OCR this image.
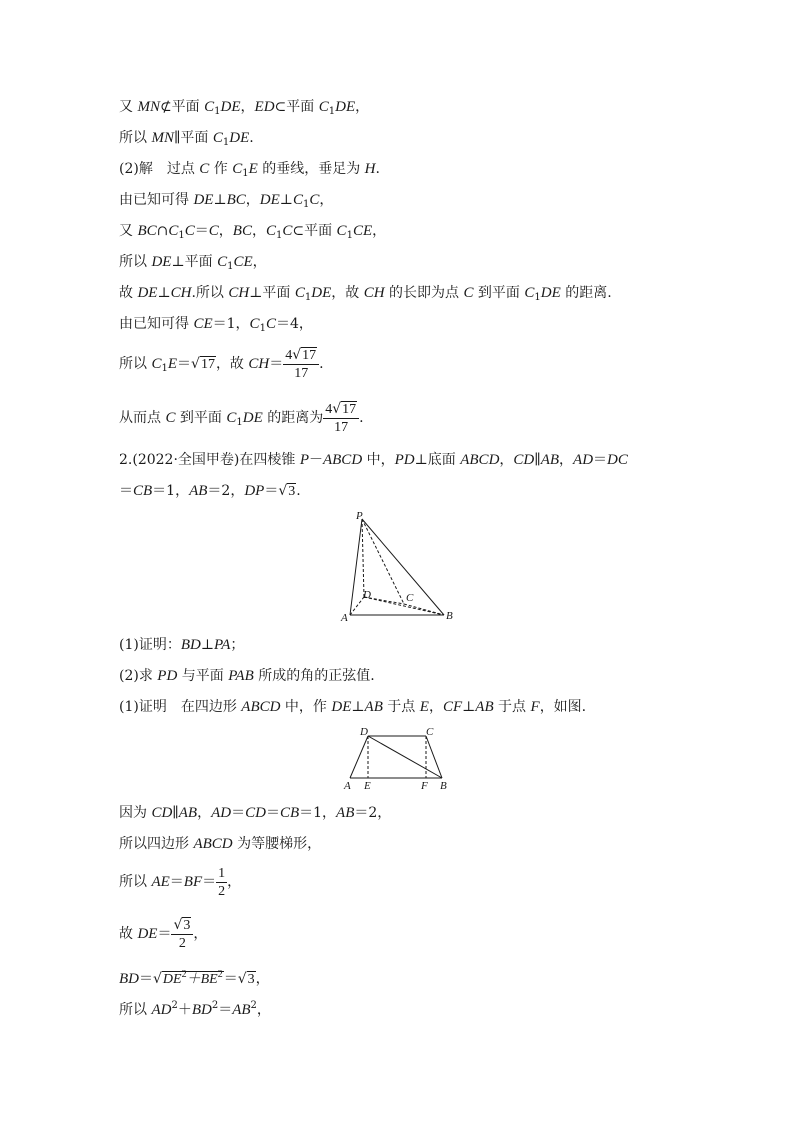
又 MN⊄平面 $C_1DE$，ED⊂平面 $C_1DE$，
所以 MN∥平面 $C_1DE$.
(2)解　过点 C 作 $C_1E$ 的垂线，垂足为 H.
由已知可得 DE⊥BC，$DE\perp C_1C$，
又 $BC\cap C_1C=C$，BC，$C_1C\subset$平面 $C_1CE$，
所以 DE⊥平面 $C_1CE$，
故 DE⊥CH.所以 CH⊥平面 $C_1DE$，故 CH 的长即为点 C 到平面 $C_1DE$ 的距离.
由已知可得 CE＝1，$C_1C=4$，
所以 $C_1E=√17$，故 $CH= \frac{4√17}{17}$ .
从而点 C 到平面 $C_1DE$ 的距离为 $\frac{4√17}{17}$ .
2.(2022·全国甲卷)在四棱锥 P－ABCD 中，PD⊥底面 ABCD，CD∥AB，AD＝DC
＝CB＝1，AB＝2，DP＝√3.
P
A	B
C
D
(1)证明：BD⊥PA；
(2)求 PD 与平面 PAB 所成的角的正弦值.
(1)证明　在四边形 ABCD 中，作 DE⊥AB 于点 E，CF⊥AB 于点 F，如图.
D	C
A E	F B
因为 CD∥AB，AD＝CD＝CB＝1，AB＝2，
所以四边形 ABCD 为等腰梯形，
所以 $AE=BF= \frac{1}{2}$ ，
故 $DE= \frac{√3}{2}$ ，
$BD=√DE^2+BE^2=√3$，
所以 $AD^2+BD^2=AB^2$，
